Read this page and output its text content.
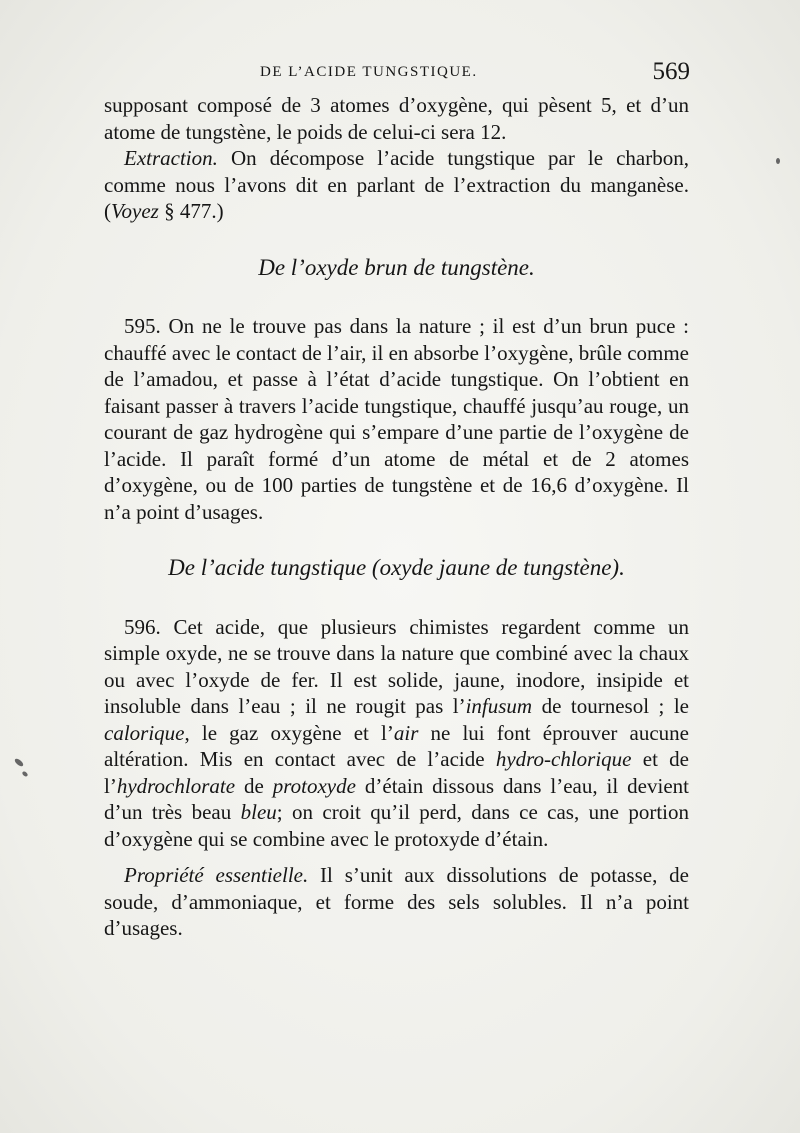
DE L’ACIDE TUNGSTIQUE.	569

supposant composé de 3 atomes d’oxygène, qui pèsent 5, et d’un atome de tungstène, le poids de celui-ci sera 12.

Extraction. On décompose l’acide tungstique par le charbon, comme nous l’avons dit en parlant de l’extraction du manganèse. (Voyez § 477.)

De l’oxyde brun de tungstène.

595. On ne le trouve pas dans la nature ; il est d’un brun puce : chauffé avec le contact de l’air, il en absorbe l’oxygène, brûle comme de l’amadou, et passe à l’état d’acide tungstique. On l’obtient en faisant passer à travers l’acide tungstique, chauffé jusqu’au rouge, un courant de gaz hydrogène qui s’empare d’une partie de l’oxygène de l’acide. Il paraît formé d’un atome de métal et de 2 atomes d’oxygène, ou de 100 parties de tungstène et de 16,6 d’oxygène. Il n’a point d’usages.

De l’acide tungstique (oxyde jaune de tungstène).

596. Cet acide, que plusieurs chimistes regardent comme un simple oxyde, ne se trouve dans la nature que combiné avec la chaux ou avec l’oxyde de fer. Il est solide, jaune, inodore, insipide et insoluble dans l’eau ; il ne rougit pas l’infusum de tournesol ; le calorique, le gaz oxygène et l’air ne lui font éprouver aucune altération. Mis en contact avec de l’acide hydro-chlorique et de l’hydrochlorate de protoxyde d’étain dissous dans l’eau, il devient d’un très beau bleu; on croit qu’il perd, dans ce cas, une portion d’oxygène qui se combine avec le protoxyde d’étain.

Propriété essentielle. Il s’unit aux dissolutions de potasse, de soude, d’ammoniaque, et forme des sels solubles. Il n’a point d’usages.
